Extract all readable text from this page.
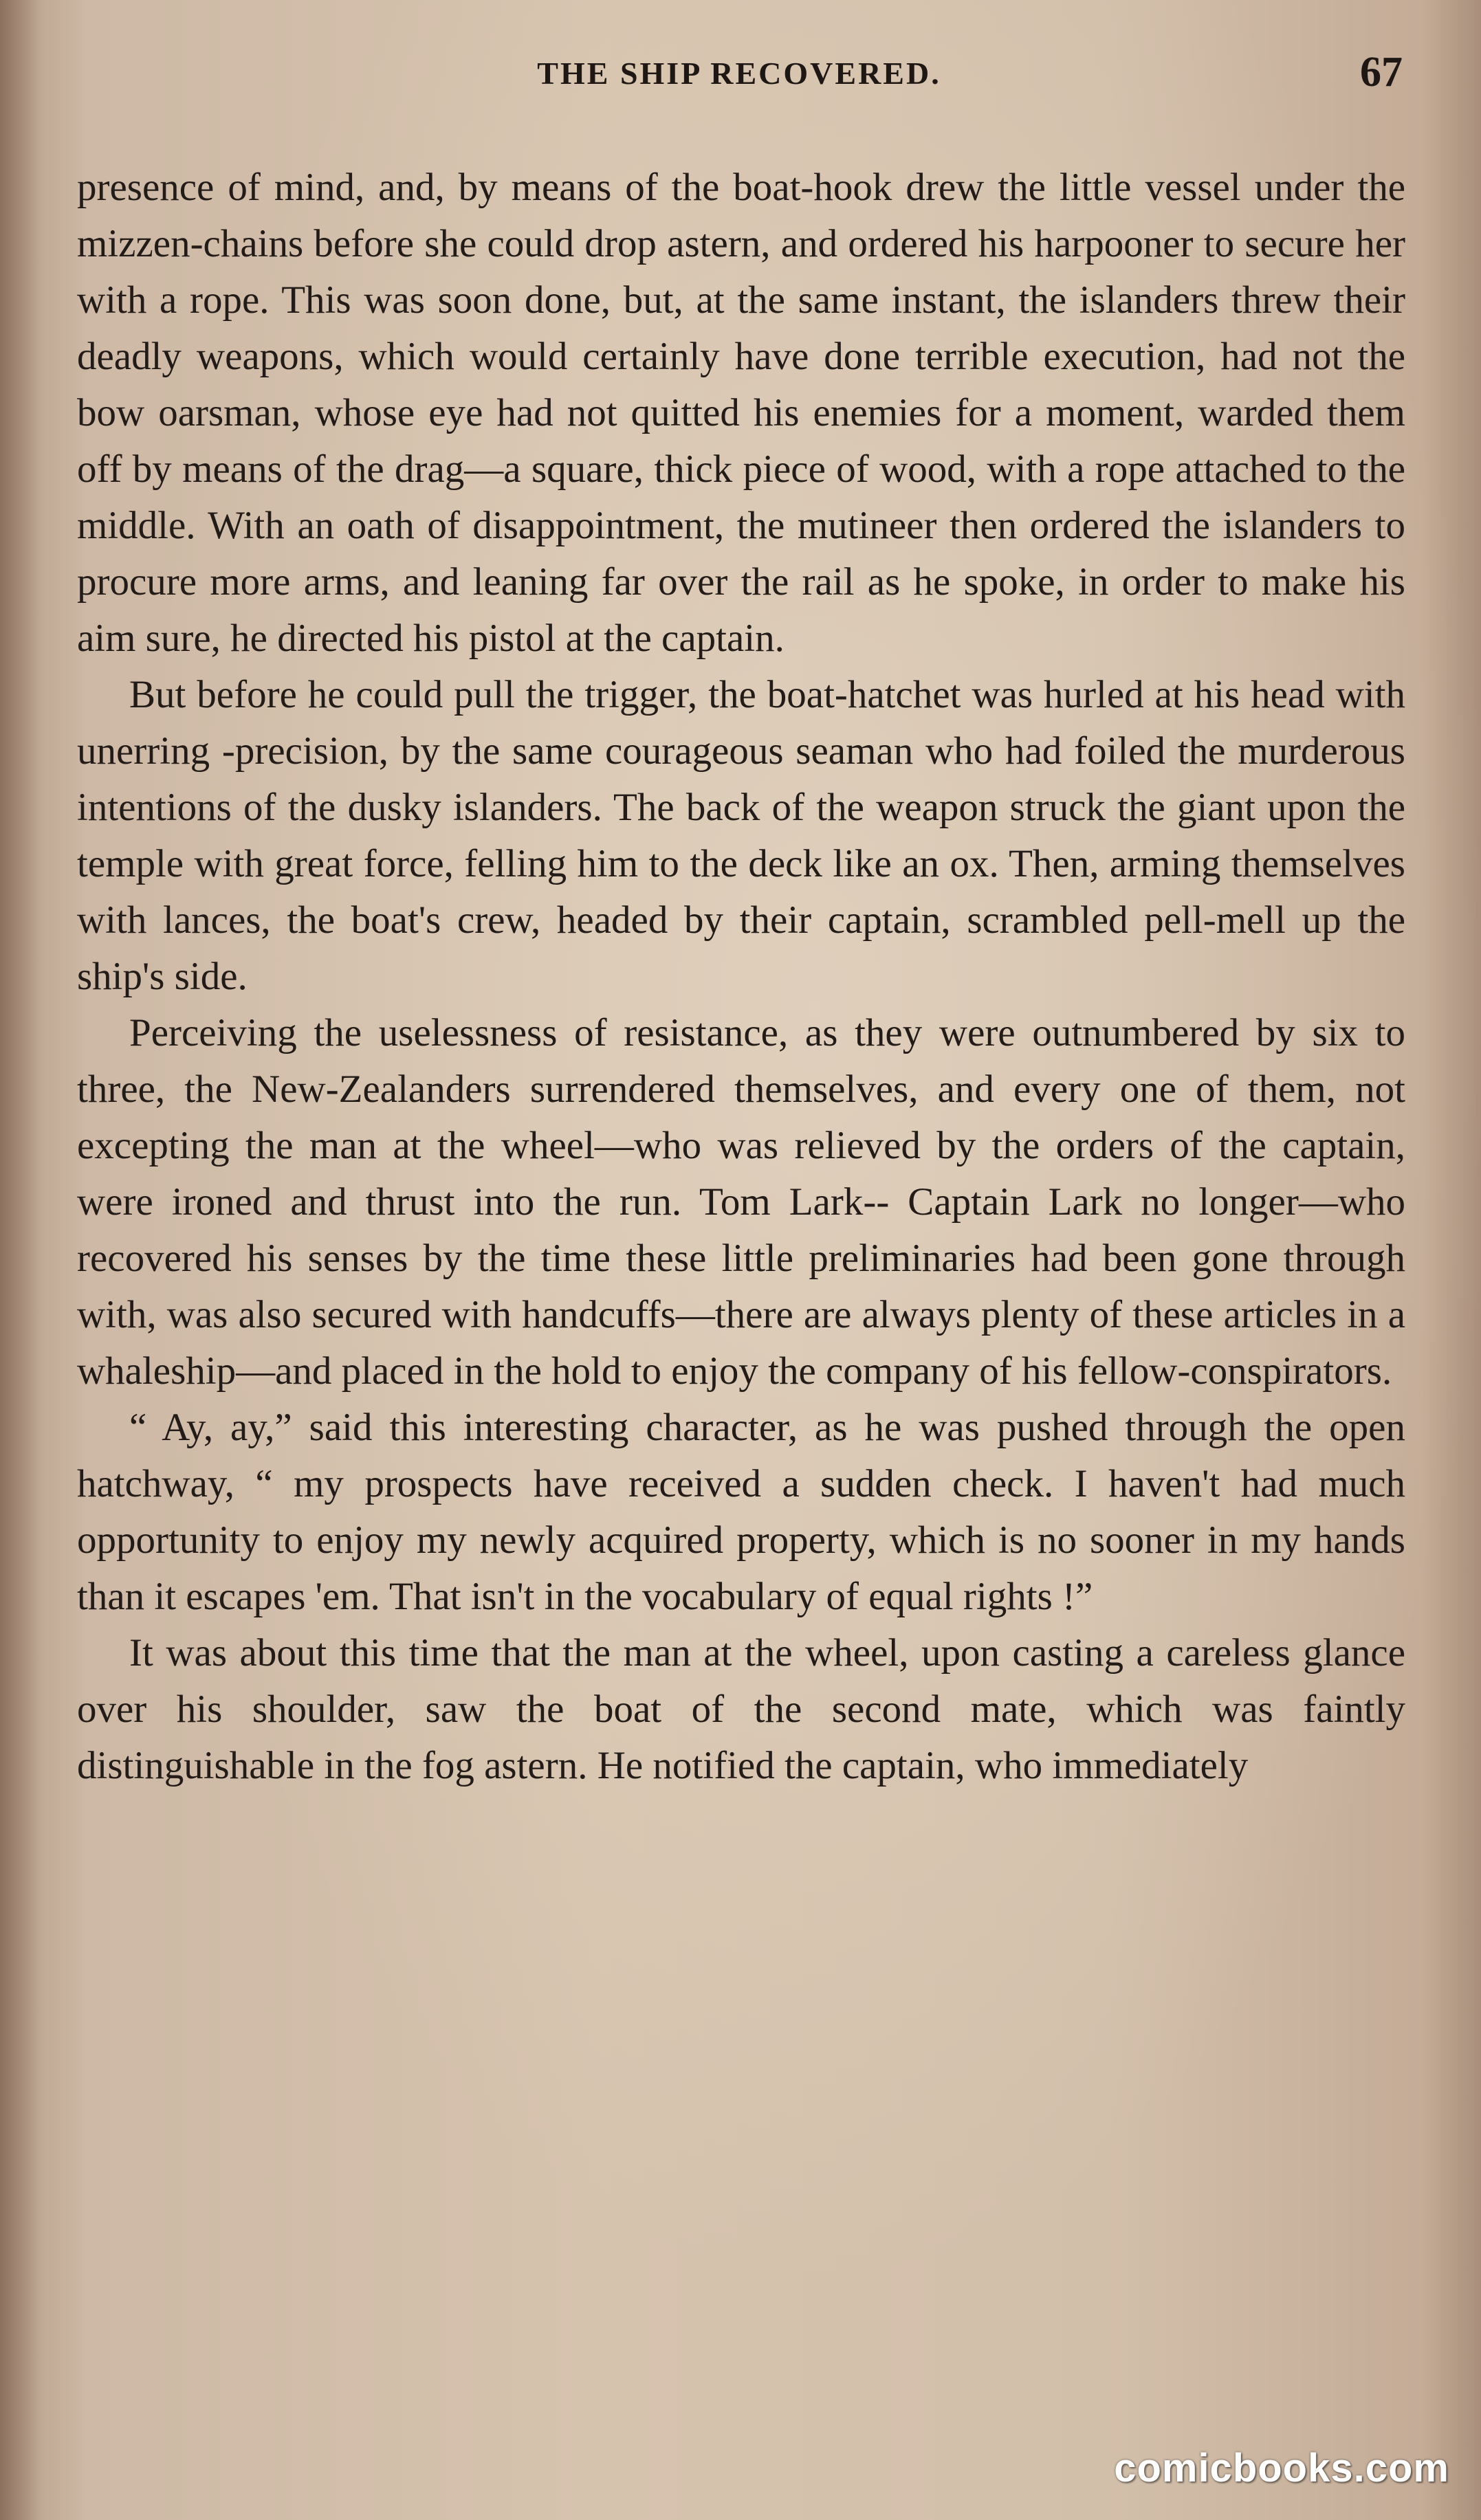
THE SHIP RECOVERED.	67

presence of mind, and, by means of the boat-hook drew the little vessel under the mizzen-chains before she could drop astern, and ordered his harpooner to secure her with a rope. This was soon done, but, at the same instant, the islanders threw their deadly weapons, which would certainly have done terrible execution, had not the bow oarsman, whose eye had not quitted his enemies for a moment, warded them off by means of the drag—a square, thick piece of wood, with a rope attached to the middle. With an oath of disappointment, the mutineer then ordered the islanders to procure more arms, and leaning far over the rail as he spoke, in order to make his aim sure, he directed his pistol at the captain.

But before he could pull the trigger, the boat-hatchet was hurled at his head with unerring -precision, by the same courageous seaman who had foiled the murderous intentions of the dusky islanders. The back of the weapon struck the giant upon the temple with great force, felling him to the deck like an ox. Then, arming themselves with lances, the boat's crew, headed by their captain, scrambled pell-mell up the ship's side.

Perceiving the uselessness of resistance, as they were outnumbered by six to three, the New-Zealanders surrendered themselves, and every one of them, not excepting the man at the wheel—who was relieved by the orders of the captain, were ironed and thrust into the run. Tom Lark-- Captain Lark no longer—who recovered his senses by the time these little preliminaries had been gone through with, was also secured with handcuffs—there are always plenty of these articles in a whaleship—and placed in the hold to enjoy the company of his fellow-conspirators.

“ Ay, ay,” said this interesting character, as he was pushed through the open hatchway, “ my prospects have received a sudden check. I haven't had much opportunity to enjoy my newly acquired property, which is no sooner in my hands than it escapes 'em. That isn't in the vocabulary of equal rights !”

It was about this time that the man at the wheel, upon casting a careless glance over his shoulder, saw the boat of the second mate, which was faintly distinguishable in the fog astern. He notified the captain, who immediately

comicbooks.com
